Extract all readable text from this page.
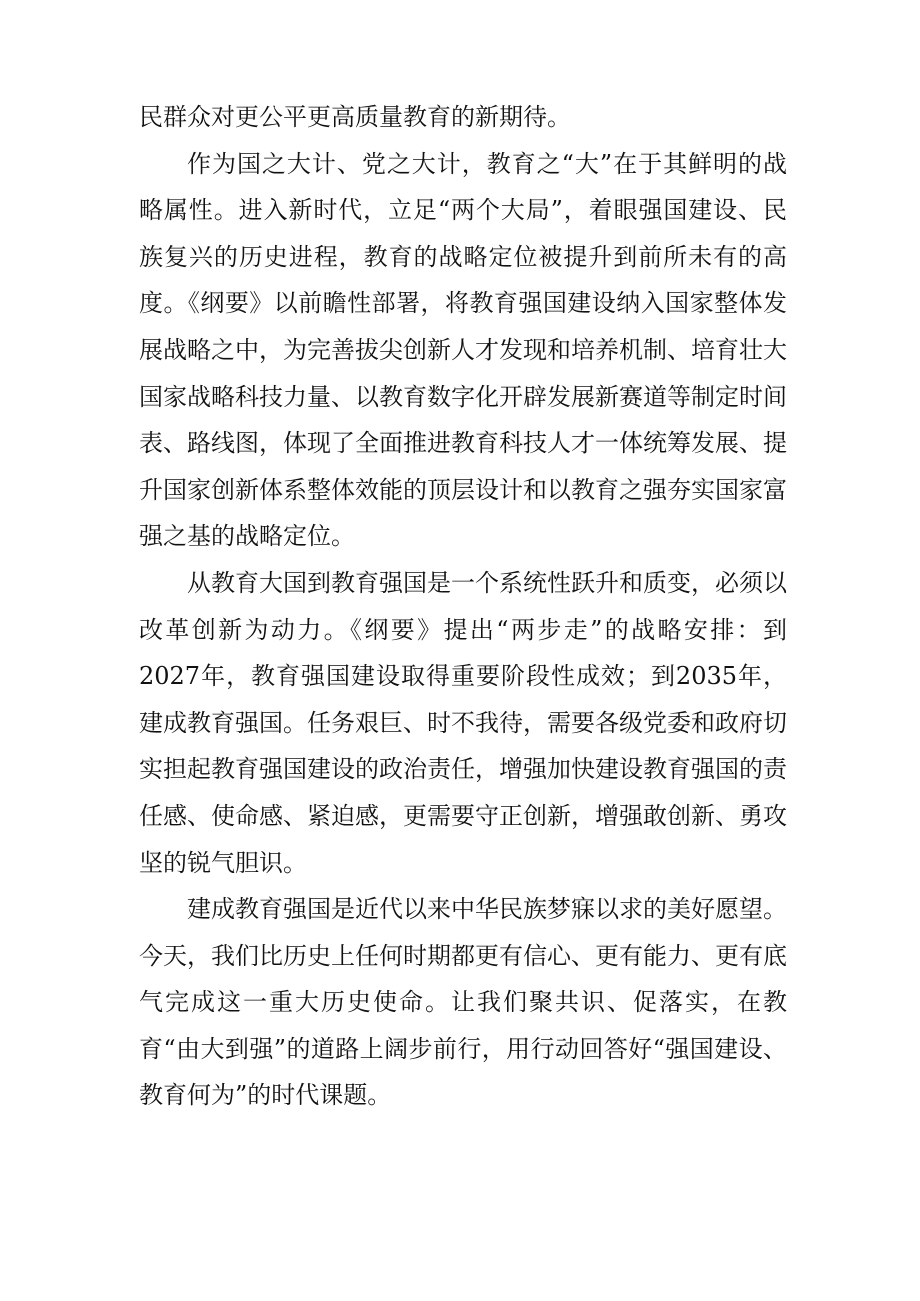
民群众对更公平更高质量教育的新期待。

作为国之大计、党之大计，教育之“大”在于其鲜明的战略属性。进入新时代，立足“两个大局”，着眼强国建设、民族复兴的历史进程，教育的战略定位被提升到前所未有的高度。《纲要》以前瞻性部署，将教育强国建设纳入国家整体发展战略之中，为完善拔尖创新人才发现和培养机制、培育壮大国家战略科技力量、以教育数字化开辟发展新赛道等制定时间表、路线图，体现了全面推进教育科技人才一体统筹发展、提升国家创新体系整体效能的顶层设计和以教育之强夯实国家富强之基的战略定位。

从教育大国到教育强国是一个系统性跃升和质变，必须以改革创新为动力。《纲要》提出“两步走”的战略安排：到2027年，教育强国建设取得重要阶段性成效；到2035年，建成教育强国。任务艰巨、时不我待，需要各级党委和政府切实担起教育强国建设的政治责任，增强加快建设教育强国的责任感、使命感、紧迫感，更需要守正创新，增强敢创新、勇攻坚的锐气胆识。

建成教育强国是近代以来中华民族梦寐以求的美好愿望。今天，我们比历史上任何时期都更有信心、更有能力、更有底气完成这一重大历史使命。让我们聚共识、促落实，在教育“由大到强”的道路上阔步前行，用行动回答好“强国建设、教育何为”的时代课题。
